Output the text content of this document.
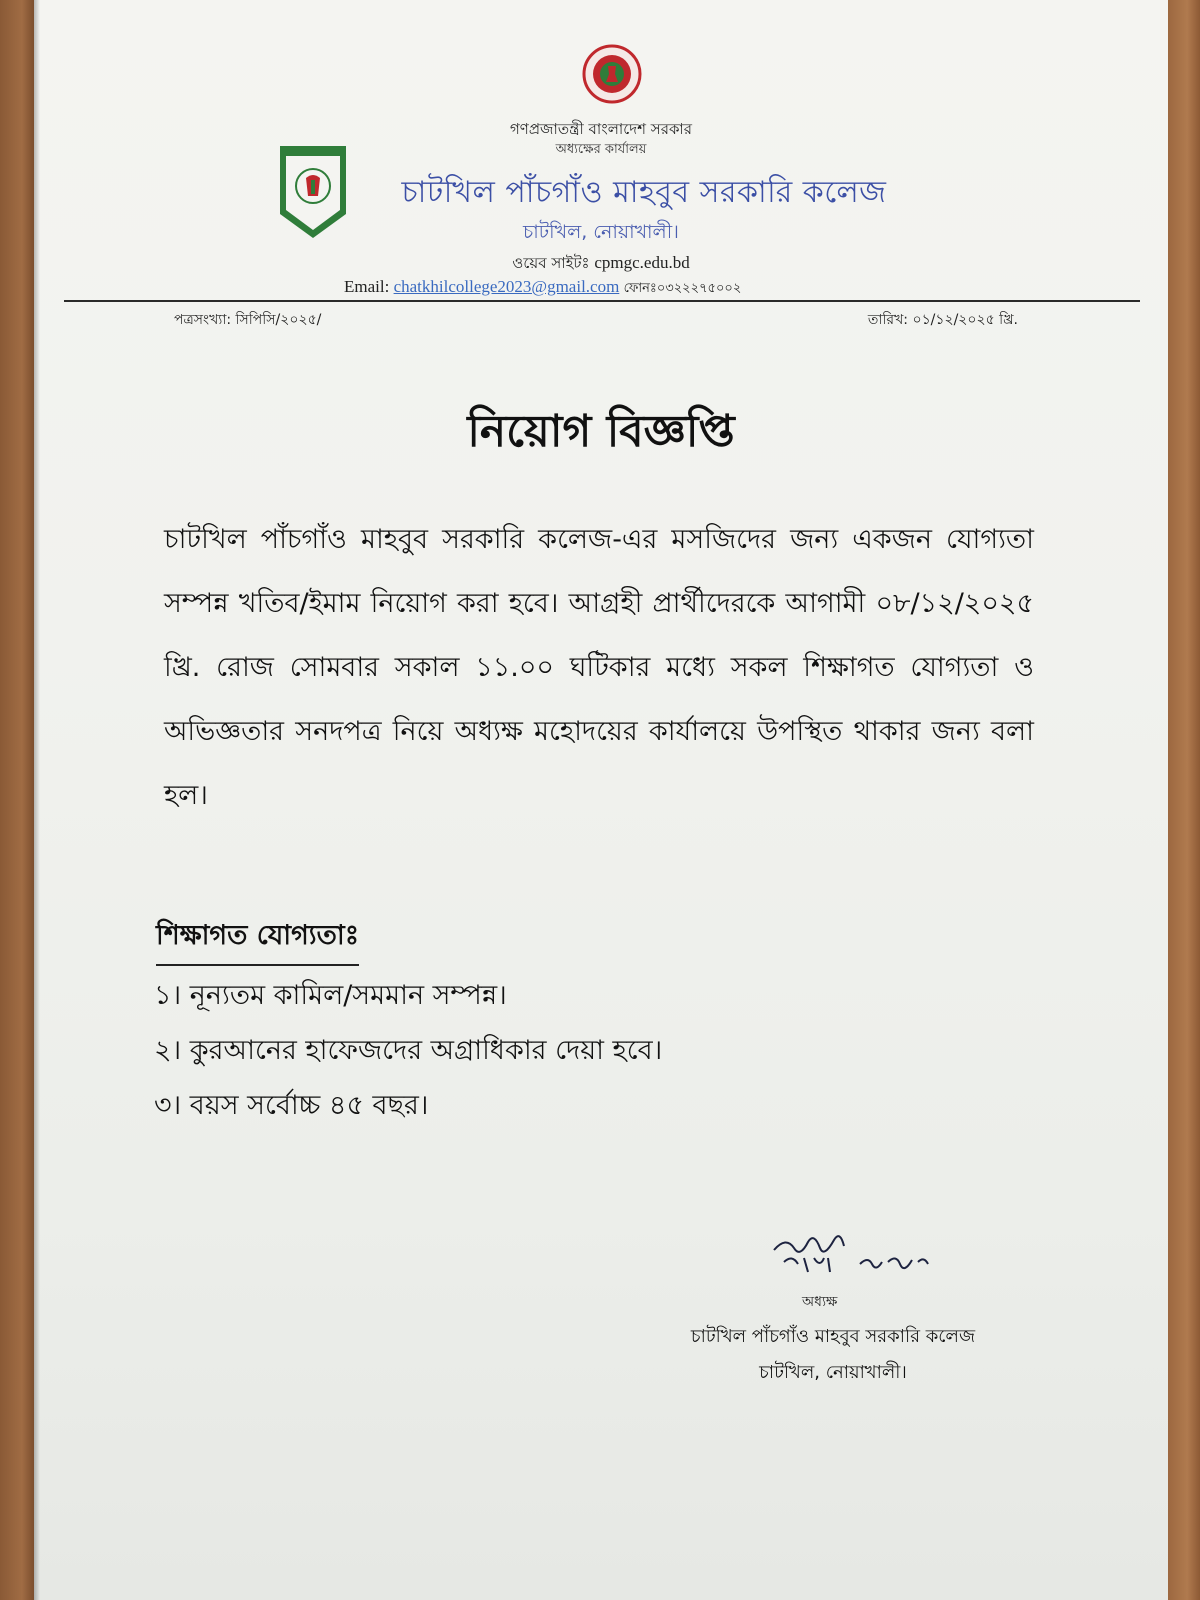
গণপ্রজাতন্ত্রী বাংলাদেশ সরকার
অধ্যক্ষের কার্যালয়
চাটখিল পাঁচগাঁও মাহবুব সরকারি কলেজ
চাটখিল, নোয়াখালী।
ওয়েব সাইটঃ cpmgc.edu.bd
Email: chatkhilcollege2023@gmail.com ফোনঃ০৩২২২৭৫০০২
পত্রসংখ্যা: সিপিসি/২০২৫/	তারিখ: ০১/১২/২০২৫ খ্রি.
নিয়োগ বিজ্ঞপ্তি
চাটখিল পাঁচগাঁও মাহবুব সরকারি কলেজ-এর মসজিদের জন্য একজন যোগ্যতা সম্পন্ন খতিব/ইমাম নিয়োগ করা হবে। আগ্রহী প্রার্থীদেরকে আগামী ০৮/১২/২০২৫ খ্রি. রোজ সোমবার সকাল ১১.০০ ঘটিকার মধ্যে সকল শিক্ষাগত যোগ্যতা ও অভিজ্ঞতার সনদপত্র নিয়ে অধ্যক্ষ মহোদয়ের কার্যালয়ে উপস্থিত থাকার জন্য বলা হল।
শিক্ষাগত যোগ্যতাঃ
১। নূন্যতম কামিল/সমমান সম্পন্ন।
২। কুরআনের হাফেজদের অগ্রাধিকার দেয়া হবে।
৩। বয়স সর্বোচ্চ ৪৫ বছর।
অধ্যক্ষ
চাটখিল পাঁচগাঁও মাহবুব সরকারি কলেজ
চাটখিল, নোয়াখালী।
